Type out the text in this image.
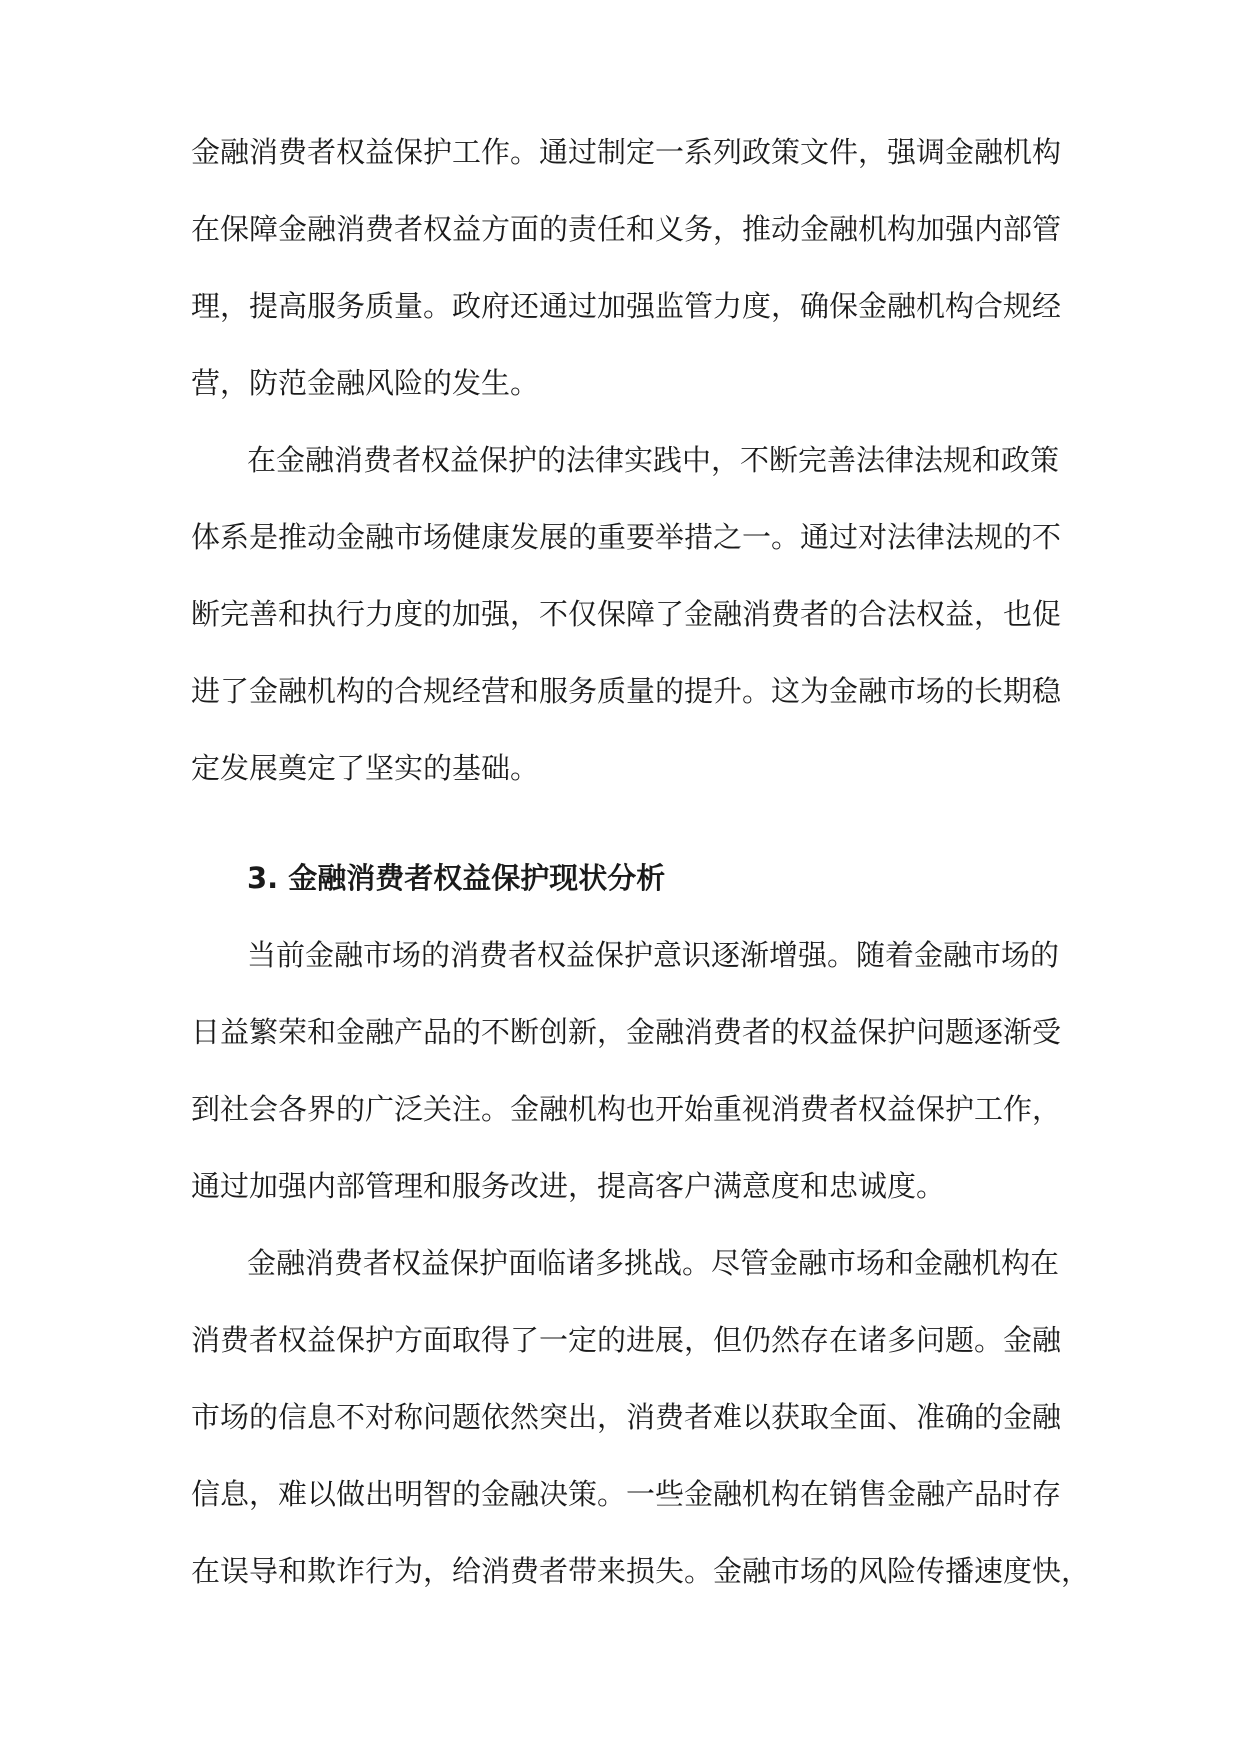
金融消费者权益保护工作。通过制定一系列政策文件，强调金融机构
在保障金融消费者权益方面的责任和义务，推动金融机构加强内部管
理，提高服务质量。政府还通过加强监管力度，确保金融机构合规经
营，防范金融风险的发生。
在金融消费者权益保护的法律实践中，不断完善法律法规和政策
体系是推动金融市场健康发展的重要举措之一。通过对法律法规的不
断完善和执行力度的加强，不仅保障了金融消费者的合法权益，也促
进了金融机构的合规经营和服务质量的提升。这为金融市场的长期稳
定发展奠定了坚实的基础。
3. 金融消费者权益保护现状分析
当前金融市场的消费者权益保护意识逐渐增强。随着金融市场的
日益繁荣和金融产品的不断创新，金融消费者的权益保护问题逐渐受
到社会各界的广泛关注。金融机构也开始重视消费者权益保护工作，
通过加强内部管理和服务改进，提高客户满意度和忠诚度。
金融消费者权益保护面临诸多挑战。尽管金融市场和金融机构在
消费者权益保护方面取得了一定的进展，但仍然存在诸多问题。金融
市场的信息不对称问题依然突出，消费者难以获取全面、准确的金融
信息，难以做出明智的金融决策。一些金融机构在销售金融产品时存
在误导和欺诈行为，给消费者带来损失。金融市场的风险传播速度快，
